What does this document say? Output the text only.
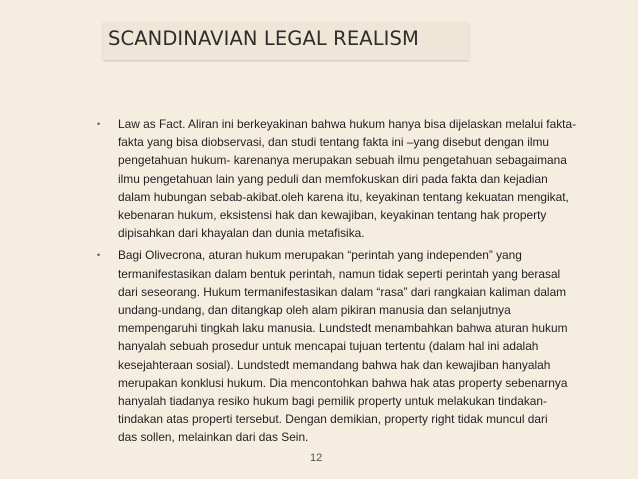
SCANDINAVIAN LEGAL REALISM
• Law as Fact. Aliran ini berkeyakinan bahwa hukum hanya bisa dijelaskan melalui fakta-
fakta yang bisa diobservasi, dan studi tentang fakta ini –yang disebut dengan ilmu
pengetahuan hukum- karenanya merupakan sebuah ilmu pengetahuan sebagaimana
ilmu pengetahuan lain yang peduli dan memfokuskan diri pada fakta dan kejadian
dalam hubungan sebab-akibat.oleh karena itu, keyakinan tentang kekuatan mengikat,
kebenaran hukum, eksistensi hak dan kewajiban, keyakinan tentang hak property
dipisahkan dari khayalan dan dunia metafisika.
• Bagi Olivecrona, aturan hukum merupakan “perintah yang independen” yang
termanifestasikan dalam bentuk perintah, namun tidak seperti perintah yang berasal
dari seseorang. Hukum termanifestasikan dalam “rasa” dari rangkaian kaliman dalam
undang-undang, dan ditangkap oleh alam pikiran manusia dan selanjutnya
mempengaruhi tingkah laku manusia. Lundstedt menambahkan bahwa aturan hukum
hanyalah sebuah prosedur untuk mencapai tujuan tertentu (dalam hal ini adalah
kesejahteraan sosial). Lundstedt memandang bahwa hak dan kewajiban hanyalah
merupakan konklusi hukum. Dia mencontohkan bahwa hak atas property sebenarnya
hanyalah tiadanya resiko hukum bagi pemilik property untuk melakukan tindakan-
tindakan atas properti tersebut. Dengan demikian, property right tidak muncul dari
das sollen, melainkan dari das Sein.
12
